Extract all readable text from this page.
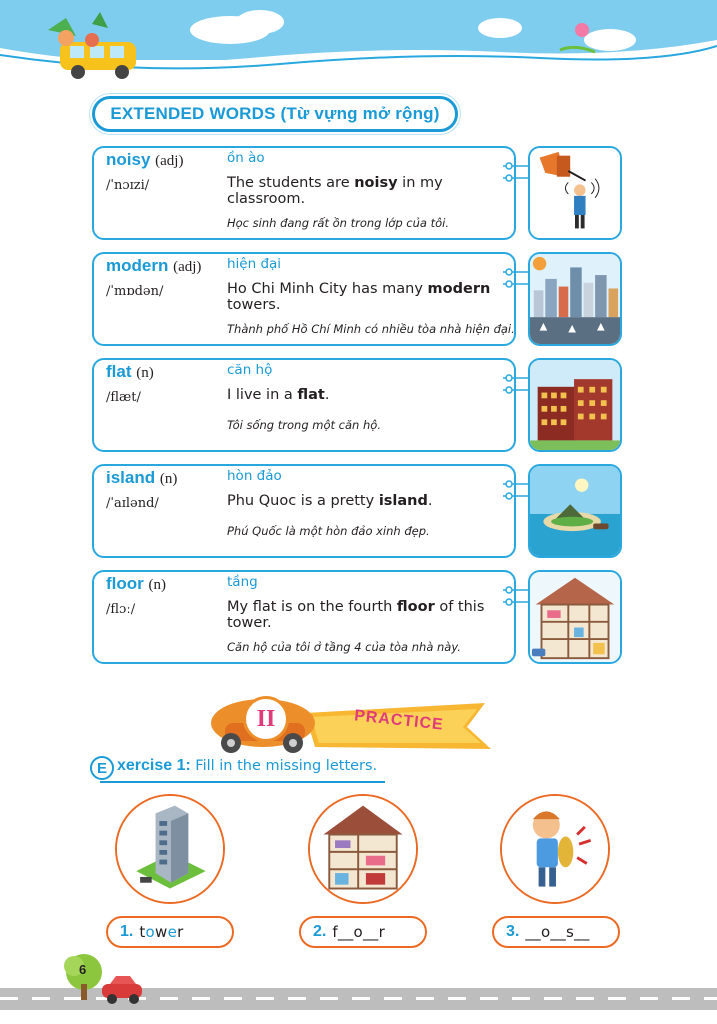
EXTENDED WORDS (Từ vựng mở rộng)
noisy (adj)
/ˈnɔɪzi/
ồn ào
The students are noisy in my classroom.
Học sinh đang rất ồn trong lớp của tôi.
modern (adj)
/ˈmɒdən/
hiện đại
Ho Chi Minh City has many modern towers.
Thành phố Hồ Chí Minh có nhiều tòa nhà hiện đại.
flat (n)
/flæt/
căn hộ
I live in a flat.
Tôi sống trong một căn hộ.
island (n)
/ˈaɪlənd/
hòn đảo
Phu Quoc is a pretty island.
Phú Quốc là một hòn đảo xinh đẹp.
floor (n)
/flɔː/
tầng
My flat is on the fourth floor of this tower.
Căn hộ của tôi ở tầng 4 của tòa nhà này.
II	PRACTICE
E xercise 1: Fill in the missing letters.
1. tower	2. f__o__r	3. __o__s__
6
